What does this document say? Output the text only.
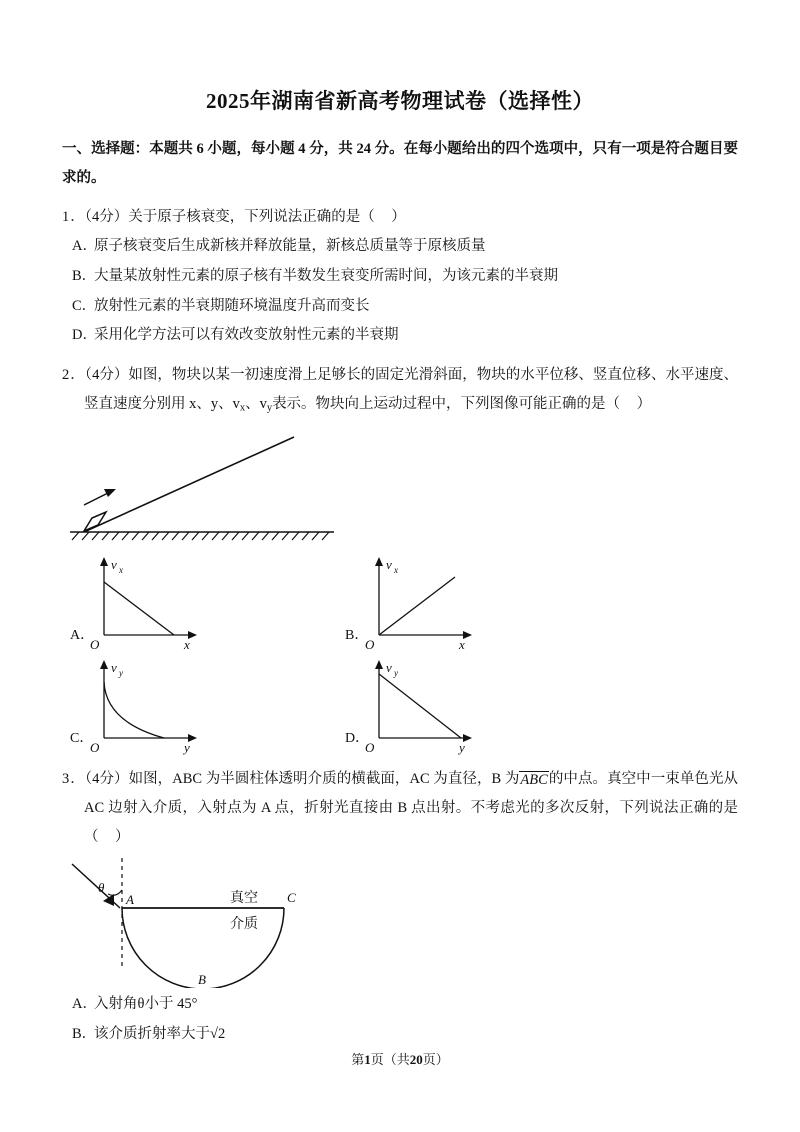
2025年湖南省新高考物理试卷（选择性）
一、选择题：本题共 6 小题，每小题 4 分，共 24 分。在每小题给出的四个选项中，只有一项是符合题目要求的。
1．（4分）关于原子核衰变，下列说法正确的是（ ）
A．原子核衰变后生成新核并释放能量，新核总质量等于原核质量
B．大量某放射性元素的原子核有半数发生衰变所需时间，为该元素的半衰期
C．放射性元素的半衰期随环境温度升高而变长
D．采用化学方法可以有效改变放射性元素的半衰期
2．（4分）如图，物块以某一初速度滑上足够长的固定光滑斜面，物块的水平位移、竖直位移、水平速度、竖直速度分别用 x、y、$v_x$、$v_y$表示。物块向上运动过程中，下列图像可能正确的是（ ）
v x
x
O
A．
v x
x
O
B．
v y
y
O
C．
v y
y
O
D．
3．（4分）如图，ABC 为半圆柱体透明介质的横截面，AC 为直径，B 为ABC的中点。真空中一束单色光从 AC 边射入介质，入射点为 A 点，折射光直接由 B 点出射。不考虑光的多次反射，下列说法正确的是（ ）
θ
A
B
C
真空
介质
A．入射角θ小于 45°
B．该介质折射率大于√2
第1页（共20页）
